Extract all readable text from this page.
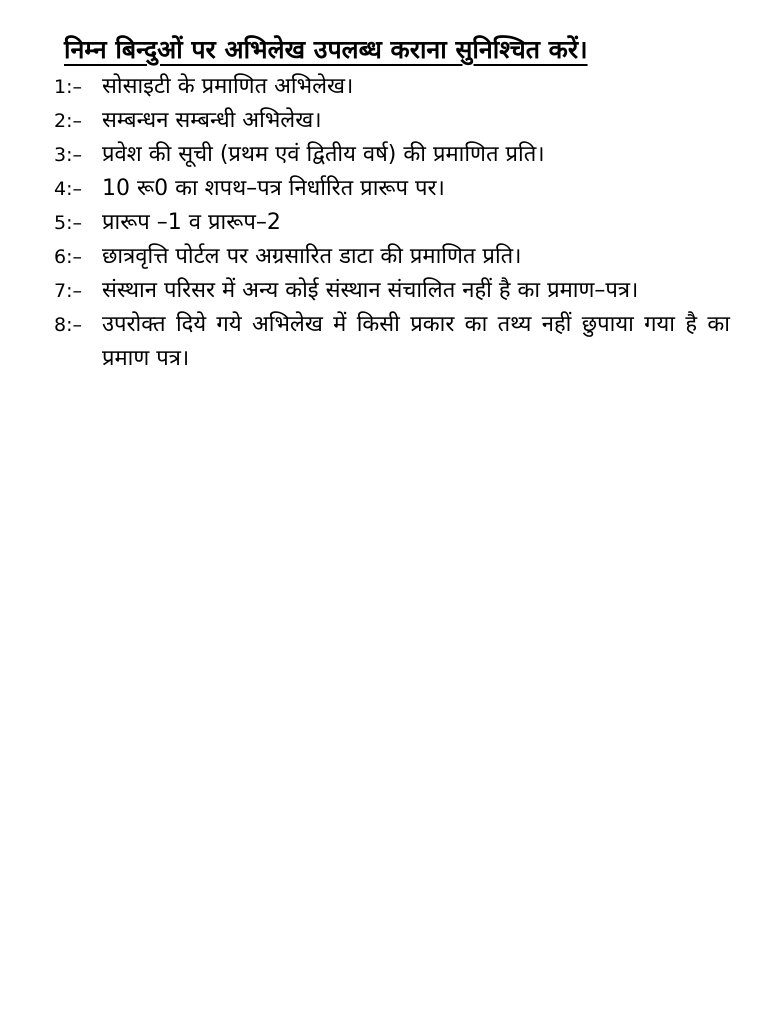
निम्न बिन्दुओं पर अभिलेख उपलब्ध कराना सुनिश्चित करें।
1:– सोसाइटी के प्रमाणित अभिलेख।
2:– सम्बन्धन सम्बन्धी अभिलेख।
3:– प्रवेश की सूची (प्रथम एवं द्वितीय वर्ष) की प्रमाणित प्रति।
4:– 10 रू0 का शपथ–पत्र निर्धारित प्रारूप पर।
5:– प्रारूप –1 व प्रारूप–2
6:– छात्रवृत्ति पोर्टल पर अग्रसारित डाटा की प्रमाणित प्रति।
7:– संस्थान परिसर में अन्य कोई संस्थान संचालित नहीं है का प्रमाण–पत्र।
8:– उपरोक्त दिये गये अभिलेख में किसी प्रकार का तथ्य नहीं छुपाया गया है का प्रमाण पत्र।
